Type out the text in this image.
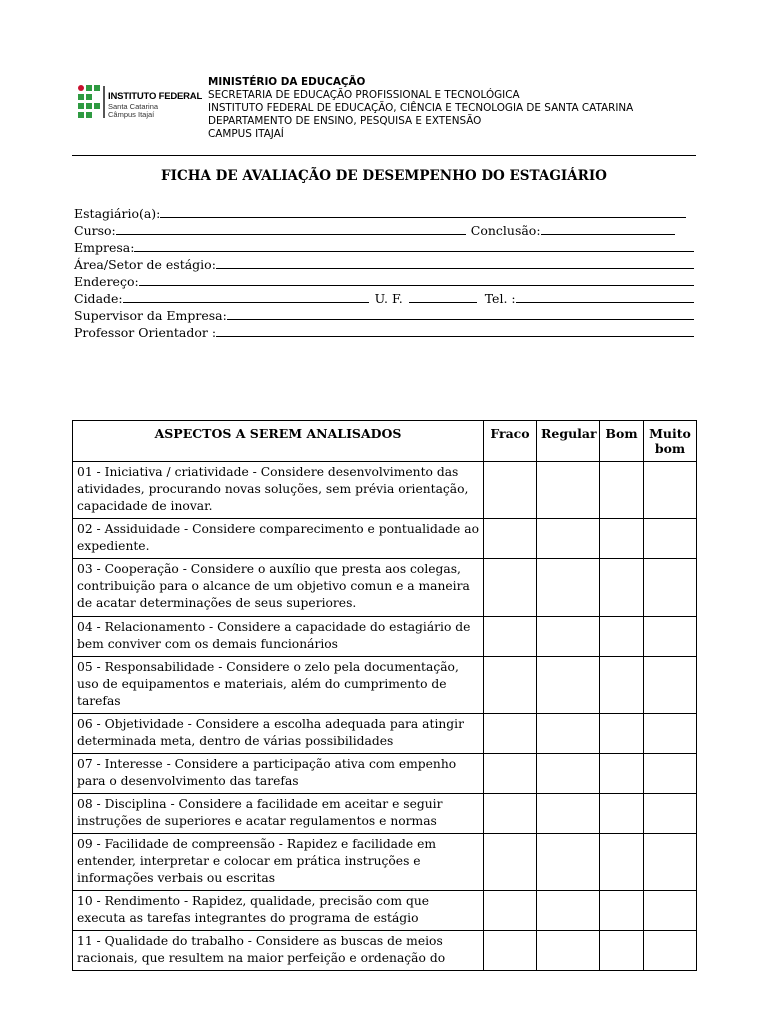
INSTITUTO FEDERAL
Santa Catarina
Câmpus Itajaí
MINISTÉRIO DA EDUCAÇÃO
SECRETARIA DE EDUCAÇÃO PROFISSIONAL E TECNOLÓGICA
INSTITUTO FEDERAL DE EDUCAÇÃO, CIÊNCIA E TECNOLOGIA DE SANTA CATARINA
DEPARTAMENTO DE ENSINO, PESQUISA E EXTENSÃO
CAMPUS ITAJAÍ
FICHA DE AVALIAÇÃO DE DESEMPENHO DO ESTAGIÁRIO
Estagiário(a):
Curso:	Conclusão:
Empresa:
Área/Setor de estágio:
Endereço:
Cidade:	U. F.	Tel. :
Supervisor da Empresa:
Professor Orientador :
ASPECTOS A SEREM ANALISADOS	Fraco	Regular	Bom	Muito bom
01 - Iniciativa / criatividade - Considere desenvolvimento das atividades, procurando novas soluções, sem prévia orientação, capacidade de inovar.				
02 - Assiduidade - Considere comparecimento e pontualidade ao expediente.				
03 - Cooperação - Considere o auxílio que presta aos colegas, contribuição para o alcance de um objetivo comun e a maneira de acatar determinações de seus superiores.				
04 - Relacionamento - Considere a capacidade do estagiário de bem conviver com os demais funcionários				
05 - Responsabilidade - Considere o zelo pela documentação, uso de equipamentos e materiais, além do cumprimento de tarefas				
06 - Objetividade - Considere a escolha adequada para atingir determinada meta, dentro de várias possibilidades				
07 - Interesse - Considere a participação ativa com empenho para o desenvolvimento das tarefas				
08 - Disciplina - Considere a facilidade em aceitar e seguir instruções de superiores e acatar regulamentos e normas				
09 - Facilidade de compreensão - Rapidez e facilidade em entender, interpretar e colocar em prática instruções e informações verbais ou escritas				
10 - Rendimento - Rapidez, qualidade, precisão com que executa as tarefas integrantes do programa de estágio				
11 - Qualidade do trabalho - Considere as buscas de meios racionais, que resultem na maior perfeição e ordenação do				
